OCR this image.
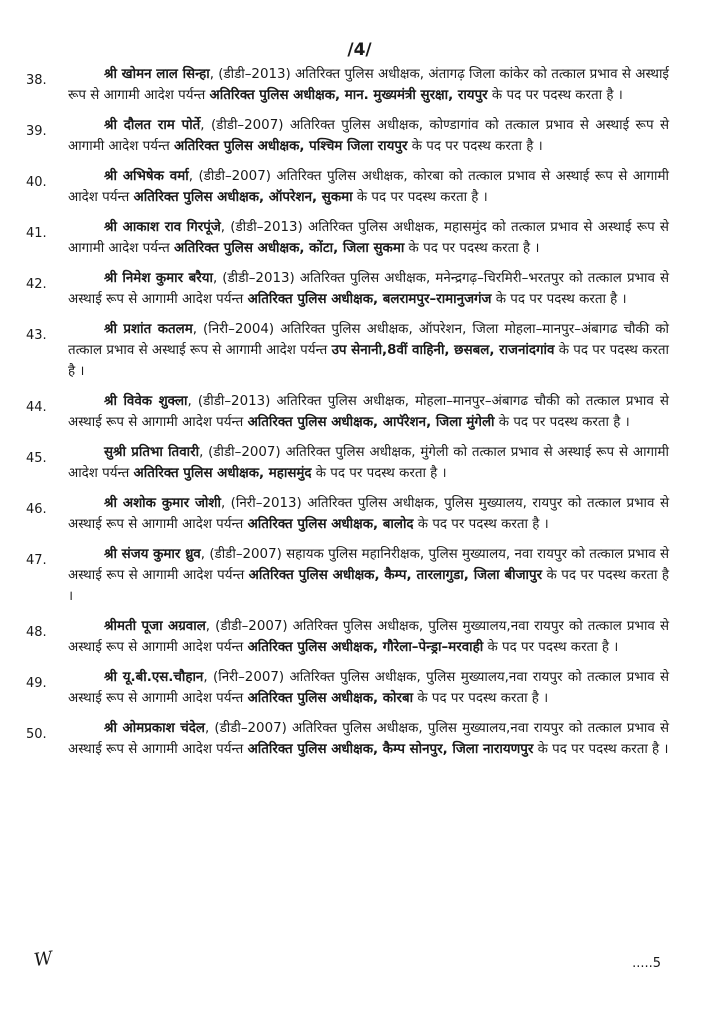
/4/
38.	श्री खोमन लाल सिन्हा, (डीडी–2013) अतिरिक्त पुलिस अधीक्षक, अंतागढ़ जिला कांकेर को तत्काल प्रभाव से अस्थाई रूप से आगामी आदेश पर्यन्त अतिरिक्त पुलिस अधीक्षक, मान. मुख्यमंत्री सुरक्षा, रायपुर के पद पर पदस्थ करता है ।
39.	श्री दौलत राम पोर्ते, (डीडी–2007) अतिरिक्त पुलिस अधीक्षक, कोण्डागांव को तत्काल प्रभाव से अस्थाई रूप से आगामी आदेश पर्यन्त अतिरिक्त पुलिस अधीक्षक, पश्चिम जिला रायपुर के पद पर पदस्थ करता है ।
40.	श्री अभिषेक वर्मा, (डीडी–2007) अतिरिक्त पुलिस अधीक्षक, कोरबा को तत्काल प्रभाव से अस्थाई रूप से आगामी आदेश पर्यन्त अतिरिक्त पुलिस अधीक्षक, ऑपरेशन, सुकमा के पद पर पदस्थ करता है ।
41.	श्री आकाश राव गिरपूंजे, (डीडी–2013) अतिरिक्त पुलिस अधीक्षक, महासमुंद को तत्काल प्रभाव से अस्थाई रूप से आगामी आदेश पर्यन्त अतिरिक्त पुलिस अधीक्षक, कोंटा, जिला सुकमा के पद पर पदस्थ करता है ।
42.	श्री निमेश कुमार बरैया, (डीडी–2013) अतिरिक्त पुलिस अधीक्षक, मनेन्द्रगढ़–चिरमिरी–भरतपुर को तत्काल प्रभाव से अस्थाई रूप से आगामी आदेश पर्यन्त अतिरिक्त पुलिस अधीक्षक, बलरामपुर–रामानुजगंज के पद पर पदस्थ करता है ।
43.	श्री प्रशांत कतलम, (निरी–2004) अतिरिक्त पुलिस अधीक्षक, ऑपरेशन, जिला मोहला–मानपुर–अंबागढ चौकी को तत्काल प्रभाव से अस्थाई रूप से आगामी आदेश पर्यन्त उप सेनानी,8वीं वाहिनी, छसबल, राजनांदगांव के पद पर पदस्थ करता है ।
44.	श्री विवेक शुक्ला, (डीडी–2013) अतिरिक्त पुलिस अधीक्षक, मोहला–मानपुर–अंबागढ चौकी को तत्काल प्रभाव से अस्थाई रूप से आगामी आदेश पर्यन्त अतिरिक्त पुलिस अधीक्षक, आपॅरेशन, जिला मुंगेली के पद पर पदस्थ करता है ।
45.	सुश्री प्रतिभा तिवारी, (डीडी–2007) अतिरिक्त पुलिस अधीक्षक, मुंगेली को तत्काल प्रभाव से अस्थाई रूप से आगामी आदेश पर्यन्त अतिरिक्त पुलिस अधीक्षक, महासमुंद के पद पर पदस्थ करता है ।
46.	श्री अशोक कुमार जोशी, (निरी–2013) अतिरिक्त पुलिस अधीक्षक, पुलिस मुख्यालय, रायपुर को तत्काल प्रभाव से अस्थाई रूप से आगामी आदेश पर्यन्त अतिरिक्त पुलिस अधीक्षक, बालोद के पद पर पदस्थ करता है ।
47.	श्री संजय कुमार ध्रुव, (डीडी–2007) सहायक पुलिस महानिरीक्षक, पुलिस मुख्यालय, नवा रायपुर को तत्काल प्रभाव से अस्थाई रूप से आगामी आदेश पर्यन्त अतिरिक्त पुलिस अधीक्षक, कैम्प, तारलागुडा, जिला बीजापुर के पद पर पदस्थ करता है ।
48.	श्रीमती पूजा अग्रवाल, (डीडी–2007) अतिरिक्त पुलिस अधीक्षक, पुलिस मुख्यालय,नवा रायपुर को तत्काल प्रभाव से अस्थाई रूप से आगामी आदेश पर्यन्त अतिरिक्त पुलिस अधीक्षक, गौरेला–पेन्ड्रा–मरवाही के पद पर पदस्थ करता है ।
49.	श्री यू.बी.एस.चौहान, (निरी–2007) अतिरिक्त पुलिस अधीक्षक, पुलिस मुख्यालय,नवा रायपुर को तत्काल प्रभाव से अस्थाई रूप से आगामी आदेश पर्यन्त अतिरिक्त पुलिस अधीक्षक, कोरबा के पद पर पदस्थ करता है ।
50.	श्री ओमप्रकाश चंदेल, (डीडी–2007) अतिरिक्त पुलिस अधीक्षक, पुलिस मुख्यालय,नवा रायपुर को तत्काल प्रभाव से अस्थाई रूप से आगामी आदेश पर्यन्त अतिरिक्त पुलिस अधीक्षक, कैम्प सोनपुर, जिला नारायणपुर के पद पर पदस्थ करता है ।
W	.....5
